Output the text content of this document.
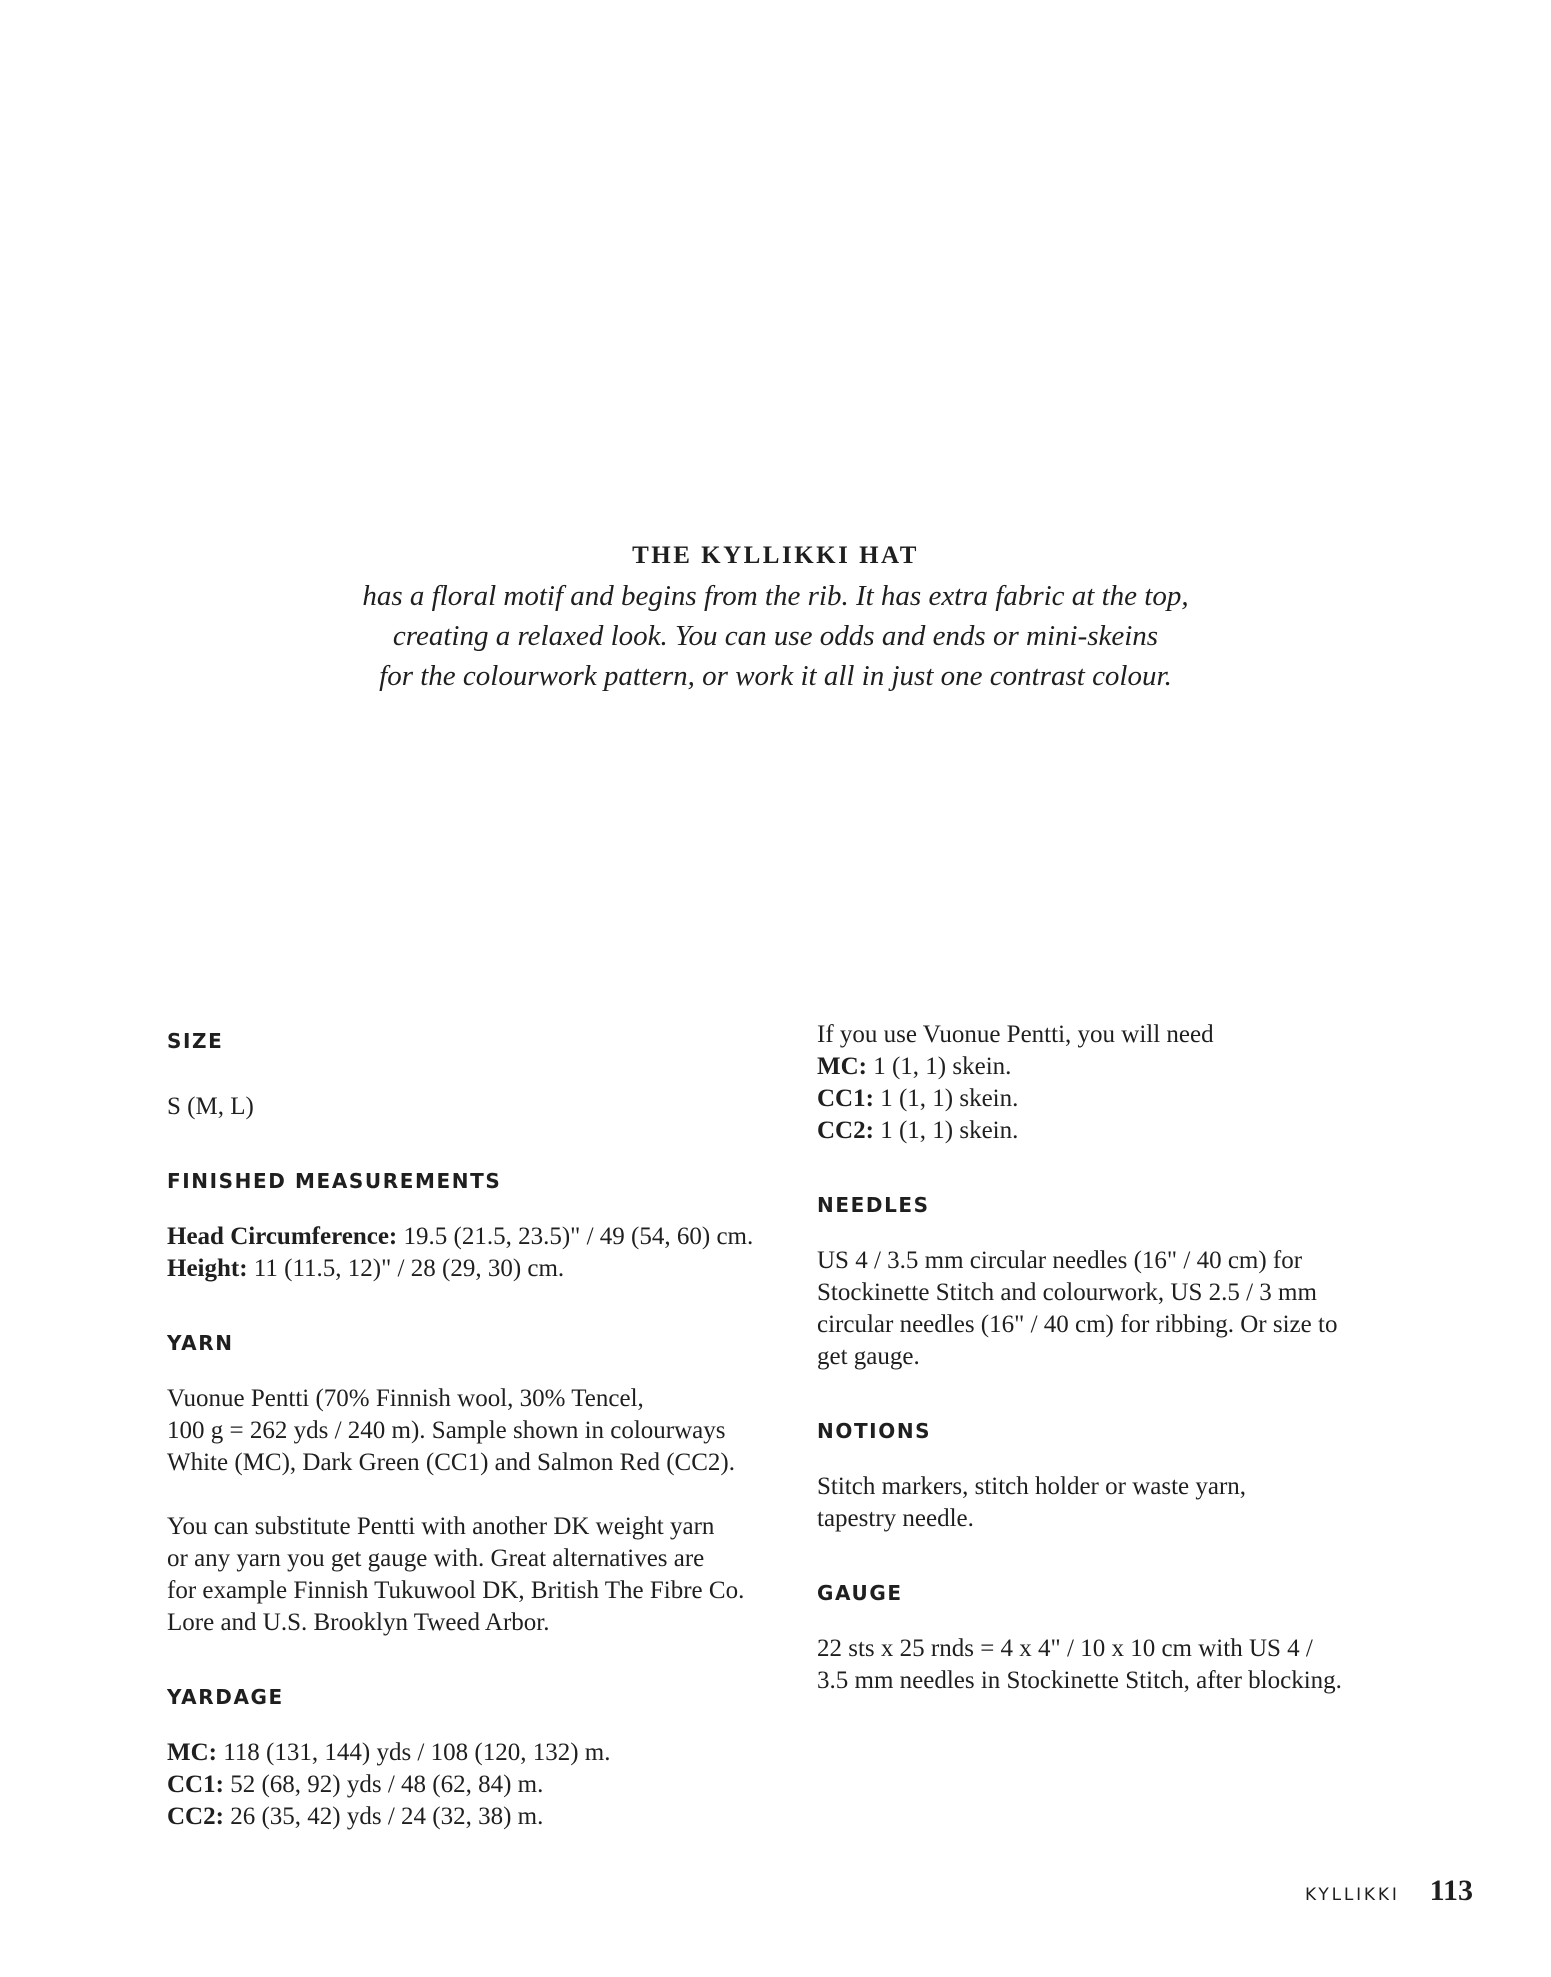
THE KYLLIKKI HAT

has a floral motif and begins from the rib. It has extra fabric at the top,
creating a relaxed look. You can use odds and ends or mini-skeins
for the colourwork pattern, or work it all in just one contrast colour.

SIZE

S (M, L)

FINISHED MEASUREMENTS

Head Circumference: 19.5 (21.5, 23.5)" / 49 (54, 60) cm.

Height: 11 (11.5, 12)" / 28 (29, 30) cm.

YARN

Vuonue Pentti (70% Finnish wool, 30% Tencel,
100 g = 262 yds / 240 m). Sample shown in colourways
White (MC), Dark Green (CC1) and Salmon Red (CC2).

You can substitute Pentti with another DK weight yarn
or any yarn you get gauge with. Great alternatives are
for example Finnish Tukuwool DK, British The Fibre Co.
Lore and U.S. Brooklyn Tweed Arbor.

YARDAGE

MC: 118 (131, 144) yds / 108 (120, 132) m.

CC1: 52 (68, 92) yds / 48 (62, 84) m.

CC2: 26 (35, 42) yds / 24 (32, 38) m.

If you use Vuonue Pentti, you will need

MC: 1 (1, 1) skein.

CC1: 1 (1, 1) skein.

CC2: 1 (1, 1) skein.

NEEDLES

US 4 / 3.5 mm circular needles (16" / 40 cm) for
Stockinette Stitch and colourwork, US 2.5 / 3 mm
circular needles (16" / 40 cm) for ribbing. Or size to
get gauge.

NOTIONS

Stitch markers, stitch holder or waste yarn,
tapestry needle.

GAUGE

22 sts x 25 rnds = 4 x 4" / 10 x 10 cm with US 4 /
3.5 mm needles in Stockinette Stitch, after blocking.

KYLLIKKI 113
